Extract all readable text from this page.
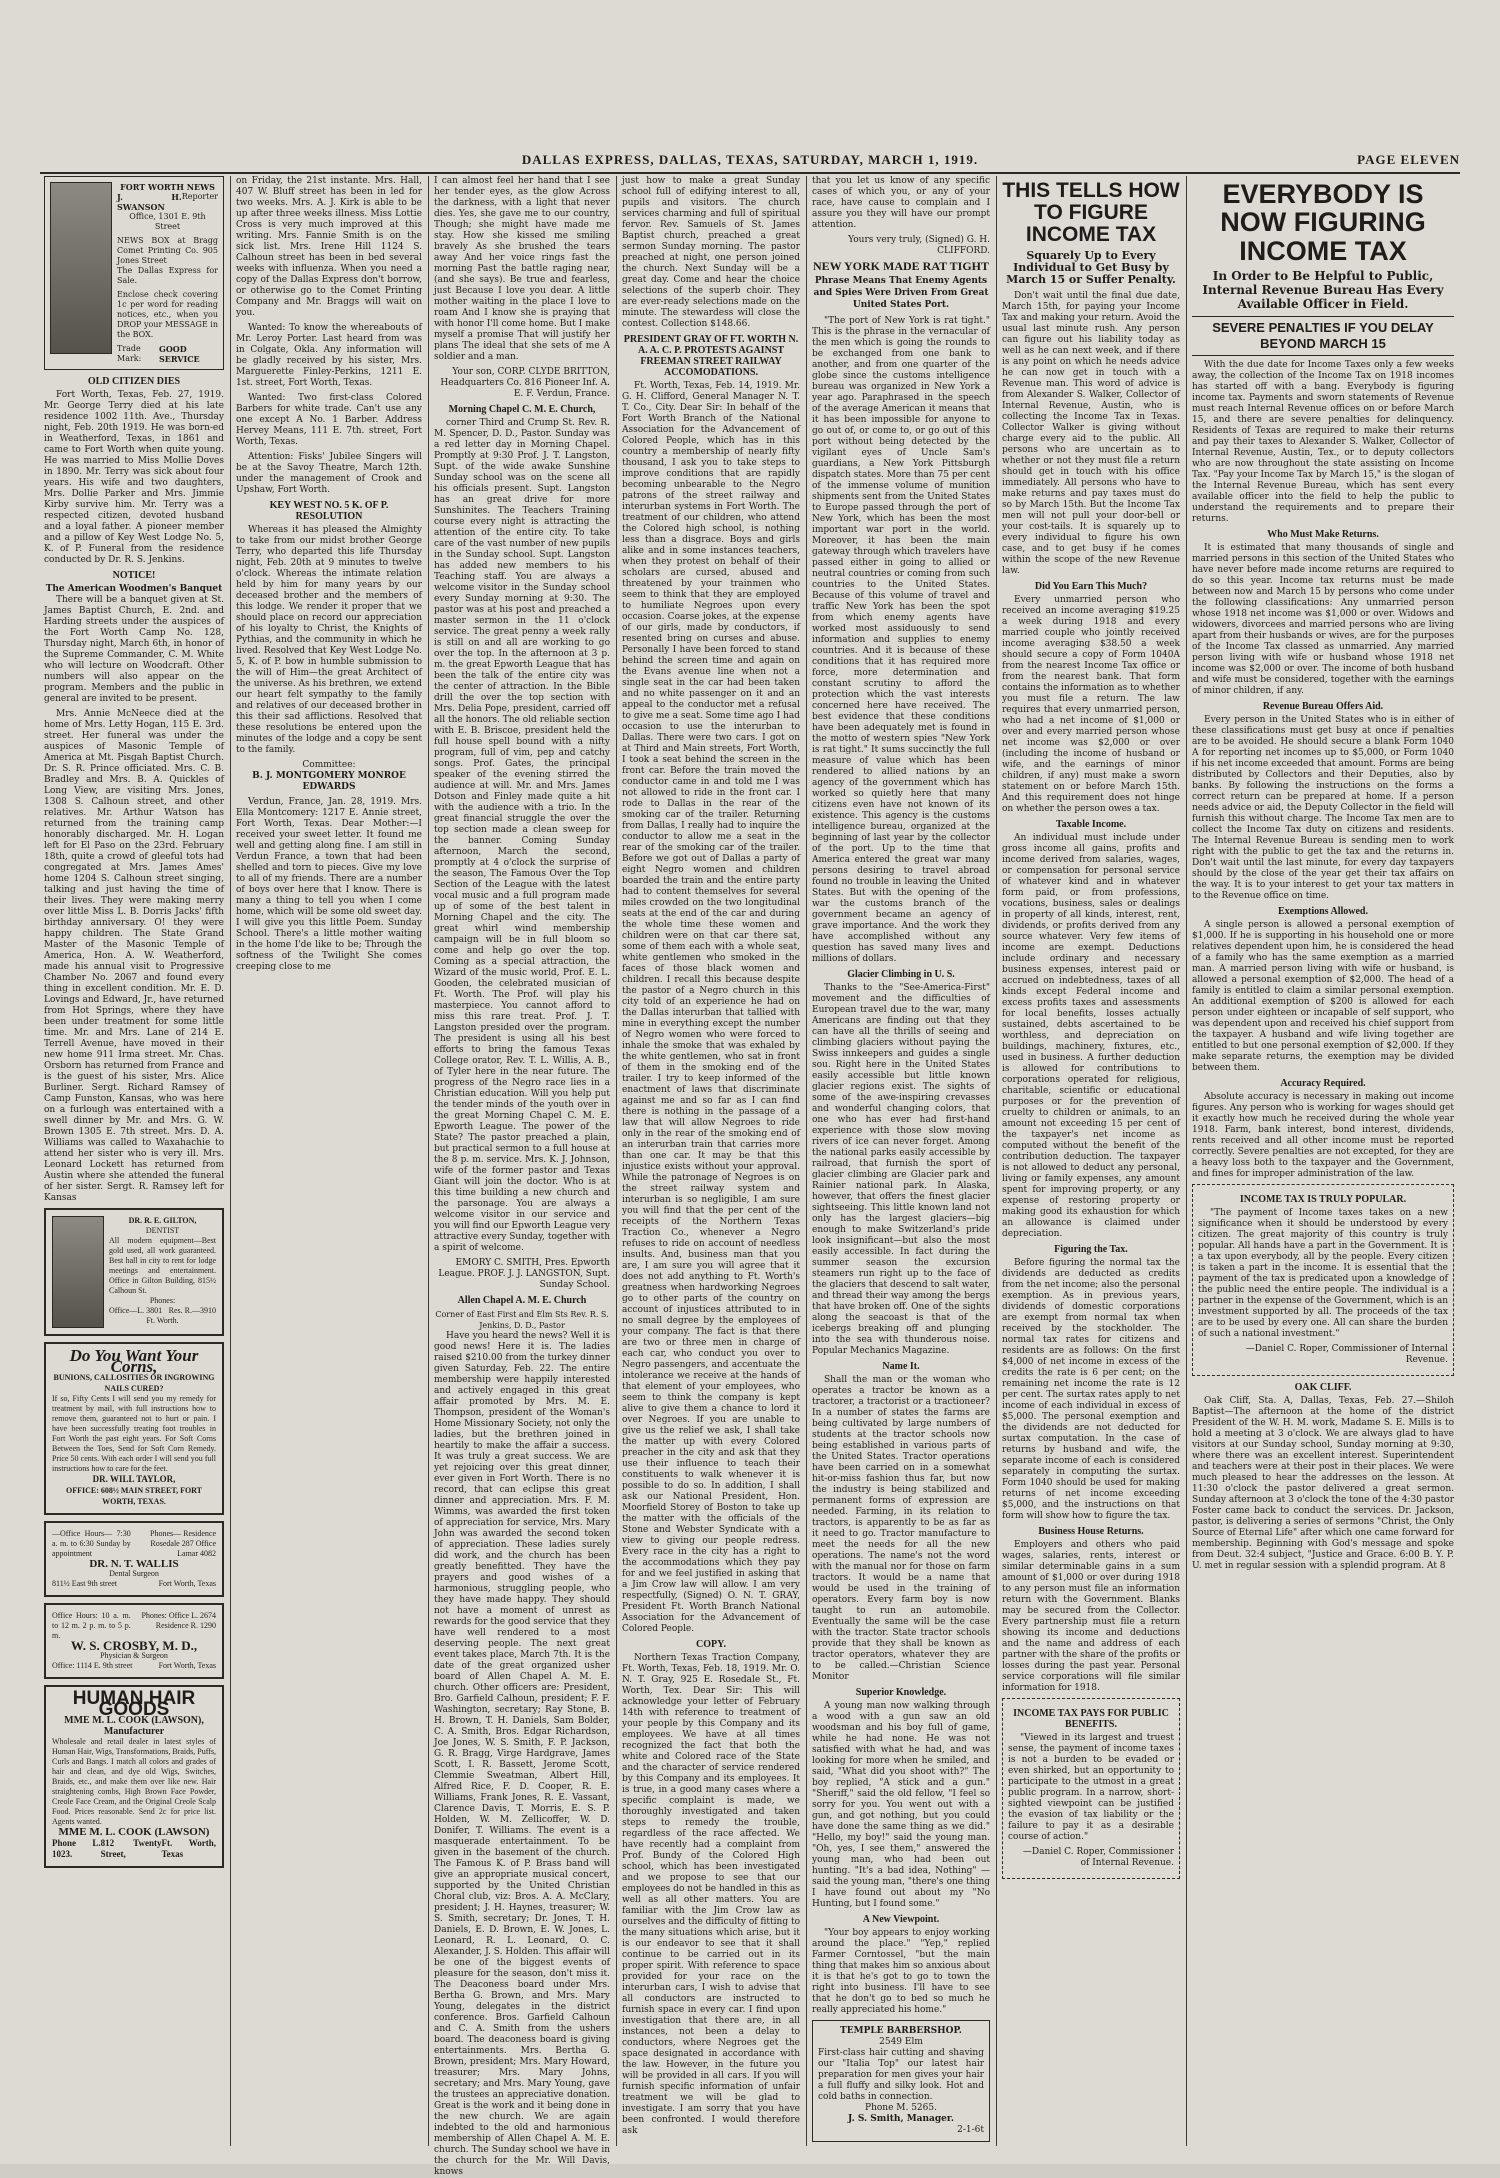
DALLAS EXPRESS, DALLAS, TEXAS, SATURDAY, MARCH 1, 1919.	PAGE ELEVEN
FORT WORTH NEWS
J. H. SWANSON
Reporter
Office, 1301 E. 9th Street
NEWS BOX at Bragg Comet Printing Co. 905 Jones Street
The Dallas Express for Sale.
Enclose check covering 1c per word for reading notices, etc., when you DROP your MESSAGE in the BOX.
Trade Mark:
GOOD SERVICE
OLD CITIZEN DIES

Fort Worth, Texas, Feb. 27, 1919. Mr. George Terry died at his late residence 1002 11th. Ave., Thursday night, Feb. 20th 1919. He was born-ed in Weatherford, Texas, in 1861 and came to Fort Worth when quite young. He was married to Miss Mollie Doves in 1890. Mr. Terry was sick about four years. His wife and two daughters, Mrs. Dollie Parker and Mrs. Jimmie Kirby survive him. Mr. Terry was a respected citizen, devoted husband and a loyal father. A pioneer member and a pillow of Key West Lodge No. 5, K. of P. Funeral from the residence conducted by Dr. R. S. Jenkins.

NOTICE!
The American Woodmen's Banquet

There will be a banquet given at St. James Baptist Church, E. 2nd. and Harding streets under the auspices of the Fort Worth Camp No. 128, Thursday night, March 6th, in honor of the Supreme Commander, C. M. White who will lecture on Woodcraft. Other numbers will also appear on the program. Members and the public in general are invited to be present.

Mrs. Annie McNeece died at the home of Mrs. Letty Hogan, 115 E. 3rd. street. Her funeral was under the auspices of Masonic Temple of America at Mt. Pisgah Baptist Church. Dr. S. R. Prince officiated. Mrs. C. B. Bradley and Mrs. B. A. Quickles of Long View, are visiting Mrs. Jones, 1308 S. Calhoun street, and other relatives. Mr. Arthur Watson has returned from the training camp honorably discharged. Mr. H. Logan left for El Paso on the 23rd. February 18th, quite a crowd of gleeful tots had congregated at Mrs. James Ames' home 1204 S. Calhoun street singing, talking and just having the time of their lives. They were making merry over little Miss L. B. Dorris Jacks' fifth birthday anniversary. O! they were happy children. The State Grand Master of the Masonic Temple of America, Hon. A. W. Weatherford, made his annual visit to Progressive Chamber No. 2067 and found every thing in excellent condition. Mr. E. D. Lovings and Edward, Jr., have returned from Hot Springs, where they have been under treatment for some little time. Mr. and Mrs. Lane of 214 E. Terrell Avenue, have moved in their new home 911 Irma street. Mr. Chas. Orsborn has returned from France and is the guest of his sister, Mrs. Alice Burliner. Sergt. Richard Ramsey of Camp Funston, Kansas, who was here on a furlough was entertained with a swell dinner by Mr. and Mrs. G. W. Brown 1305 E. 7th street. Mrs. D. A. Williams was called to Waxahachie to attend her sister who is very ill. Mrs. Leonard Lockett has returned from Austin where she attended the funeral of her sister. Sergt. R. Ramsey left for Kansas

DR. R. E. GILTON,
DENTIST
All modern equipment—Best gold used, all work guaranteed. Best hall in city to rent for lodge meetings and entertainment. Office in Gilton Building, 815½ Calhoun St.
Phones:
Office—L. 3801 Res. R.—3910
Ft. Worth.
Do You Want Your Corns,
BUNIONS, CALLOSITIES OR INGROWING NAILS CURED?
If so, Fifty Cents I will send you my remedy for treatment by mail, with full instructions how to remove them, guaranteed not to hurt or pain. I have been successfully treating foot troubles in Fort Worth the past eight years. For Soft Corns Between the Toes, Send for Soft Corn Remedy. Price 50 cents. With each order I will send you full instructions how to care for the feet.
DR. WILL TAYLOR,
OFFICE: 608½ MAIN STREET, FORT WORTH, TEXAS.
—Office Hours— 7:30 a. m. to 6:30 Sunday by appointment
Phones— Residence Rosedale 287 Office Lamar 4082
DR. N. T. WALLIS
Dental Surgeon
811½ East 9th street	Fort Worth, Texas
Office Hours: 10 a. m. to 12 m. 2 p. m. to 5 p. m.
Phones: Office L. 2674 Residence R. 1290
W. S. CROSBY, M. D.,
Physician & Surgeon
Office: 1114 E. 9th street	Fort Worth, Texas
HUMAN HAIR GOODS
MME M. L. COOK (LAWSON), Manufacturer
Wholesale and retail dealer in latest styles of Human Hair, Wigs, Transformations, Braids, Puffs, Curls and Bangs. I match all colors and grades of hair and clean, and dye old Wigs, Switches, Braids, etc., and make them over like new. Hair straightening combs, High Brown Face Powder, Creole Face Cream, and the Original Creole Scalp Food. Prices reasonable. Send 2c for price list. Agents wanted.
MME M. L. COOK (LAWSON)
Phone L. 1023.
812 Twenty Street,
Ft. Worth, Texas

on Friday, the 21st instante. Mrs. Hall, 407 W. Bluff street has been in led for two weeks. Mrs. A. J. Kirk is able to be up after three weeks illness. Miss Lottie Cross is very much improved at this writing. Mrs. Fannie Smith is on the sick list. Mrs. Irene Hill 1124 S. Calhoun street has been in bed several weeks with influenza. When you need a copy of the Dallas Express don't borrow, or otherwise go to the Comet Printing Company and Mr. Braggs will wait on you.

Wanted: To know the whereabouts of Mr. Leroy Porter. Last heard from was in Colgate, Okla. Any information will be gladly received by his sister, Mrs. Marguerette Finley-Perkins, 1211 E. 1st. street, Fort Worth, Texas.

Wanted: Two first-class Colored Barbers for white trade. Can't use any one except A No. 1 Barber. Address Hervey Means, 111 E. 7th. street, Fort Worth, Texas.

Attention: Fisks' Jubilee Singers will be at the Savoy Theatre, March 12th. under the management of Crook and Upshaw, Fort Worth.

KEY WEST NO. 5 K. OF P. RESOLUTION

Whereas it has pleased the Almighty to take from our midst brother George Terry, who departed this life Thursday night, Feb. 20th at 9 minutes to twelve o'clock. Whereas the intimate relation held by him for many years by our deceased brother and the members of this lodge. We render it proper that we should place on record our appreciation of his loyalty to Christ, the Knights of Pythias, and the community in which he lived. Resolved that Key West Lodge No. 5, K. of P. bow in humble submission to the will of Him—the great Architect of the universe. As his brethren, we extend our heart felt sympathy to the family and relatives of our deceased brother in this their sad afflictions. Resolved that these resolutions be entered upon the minutes of the lodge and a copy be sent to the family.

Committee:
B. J. MONTGOMERY MONROE EDWARDS

Verdun, France, Jan. 28, 1919. Mrs. Ella Montcomery: 1217 E. Annie street, Fort Worth, Texas. Dear Mother:—I received your sweet letter. It found me well and getting along fine. I am still in Verdun France, a town that had been shelled and torn to pieces. Give my love to all of my friends. There are a number of boys over here that I know. There is many a thing to tell you when I come home, which will be some old sweet day. I will give you this little Poem. Sunday School. There's a little mother waiting in the home I'de like to be; Through the softness of the Twilight She comes creeping close to me

I can almost feel her hand that I see her tender eyes, as the glow Across the darkness, with a light that never dies. Yes, she gave me to our country, Though; she might have made me stay. How she kissed me smiling bravely As she brushed the tears away And her voice rings fast the morning Past the battle raging near, (and she says). Be true and fearless, just Because I love you dear. A little mother waiting in the place I love to roam And I know she is praying that with honor I'll come home. But I make myself a promise That will justify her plans The ideal that she sets of me A soldier and a man.

Your son, CORP. CLYDE BRITTON, Headquarters Co. 816 Pioneer Inf. A. E. F. Verdun, France.

Morning Chapel C. M. E. Church,

corner Third and Crump St. Rev. R. M. Spencer, D. D., Pastor. Sunday was a red letter day in Morning Chapel. Promptly at 9:30 Prof. J. T. Langston, Supt. of the wide awake Sunshine Sunday school was on the scene all his officials present. Supt. Langston has an great drive for more Sunshinites. The Teachers Training course every night is attracting the attention of the entire city. To take care of the vast number of new pupils in the Sunday school. Supt. Langston has added new members to his Teaching staff. You are always a welcome visitor in the Sunday school every Sunday morning at 9:30. The pastor was at his post and preached a master sermon in the 11 o'clock service. The great penny a week rally is still on and all are working to go over the top. In the afternoon at 3 p. m. the great Epworth League that has been the talk of the entire city was the center of attraction. In the Bible drill the over the top section with Mrs. Delia Pope, president, carried off all the honors. The old reliable section with E. B. Briscoe, president held the full house spell bound with a nifty program, full of vim, pep and catchy songs. Prof. Gates, the principal speaker of the evening stirred the audience at will. Mr. and Mrs. James Dotson and Finley made quite a hit with the audience with a trio. In the great financial struggle the over the top section made a clean sweep for the banner. Coming Sunday afternoon, March the second, promptly at 4 o'clock the surprise of the season, The Famous Over the Top Section of the League with the latest vocal music and a full program made up of some of the best talent in Morning Chapel and the city. The great whirl wind membership campaign will be in full bloom so come and help go over the top. Coming as a special attraction, the Wizard of the music world, Prof. E. L. Gooden, the celebrated musician of Ft. Worth. The Prof. will play his masterpiece. You cannot afford to miss this rare treat. Prof. J. T. Langston presided over the program. The president is using all his best efforts to bring the famous Texas College orator, Rev. T. L. Willis, A. B., of Tyler here in the near future. The progress of the Negro race lies in a Christian education. Will you help put the tender minds of the youth over in the great Morning Chapel C. M. E. Epworth League. The power of the State? The pastor preached a plain, but practical sermon to a full house at the 8 p. m. service. Mrs. K. J. Johnson, wife of the former pastor and Texas Giant will join the doctor. Who is at this time building a new church and the parsonage. You are always a welcome visitor in our service and you will find our Epworth League very attractive every Sunday, together with a spirit of welcome.

EMORY C. SMITH, Pres. Epworth League. PROF. J. J. LANGSTON, Supt. Sunday School.

Allen Chapel A. M. E. Church
Corner of East First and Elm Sts Rev. R. S. Jenkins, D. D., Pastor

Have you heard the news? Well it is good news! Here it is. The ladies raised $210.00 from the turkey dinner given Saturday, Feb. 22. The entire membership were happily interested and actively engaged in this great affair promoted by Mrs. M. E. Thompson, president of the Woman's Home Missionary Society, not only the ladies, but the brethren joined in heartily to make the affair a success. It was truly a great success. We are yet rejoicing over this great dinner, ever given in Fort Worth. There is no record, that can eclipse this great dinner and appreciation. Mrs. F. M. Wimms, was awarded the first token of appreciation for service, Mrs. Mary John was awarded the second token of appreciation. These ladies surely did work, and the church has been greatly benefitted. They have the prayers and good wishes of a harmonious, struggling people, who they have made happy. They should not have a moment of unrest as rewards for the good service that they have well rendered to a most deserving people. The next great event takes place, March 7th. It is the date of the great organized usher board of Allen Chapel A. M. E. church. Other officers are: President, Bro. Garfield Calhoun, president; F. F. Washington, secretary; Ray Stone, B. H. Brown, T. H. Daniels, Sam Bolder, C. A. Smith, Bros. Edgar Richardson, Joe Jones, W. S. Smith, F. P. Jackson, G. R. Bragg, Virge Hardgrave, James Scott, I. R. Bassett, Jerome Scott, Clemmie Sweatman, Albert Hill, Alfred Rice, F. D. Cooper, R. E. Williams, Frank Jones, R. E. Vassant, Clarence Davis, T. Morris, E. S. P. Holden, W. M. Zellicoffer, W. D. Donifer, T. Williams. The event is a masquerade entertainment. To be given in the basement of the church. The Famous K. of P. Brass band will give an appropriate musical concert, supported by the United Christian Choral club, viz: Bros. A. A. McClary, president; J. H. Haynes, treasurer; W. S. Smith, secretary; Dr. Jones, T. H. Daniels, E. D. Brown, E. W. Jones, L. Leonard, R. L. Leonard, O. C. Alexander, J. S. Holden. This affair will be one of the biggest events of pleasure for the season, don't miss it. The Deaconess board under Mrs. Bertha G. Brown, and Mrs. Mary Young, delegates in the district conference. Bros. Garfield Calhoun and C. A. Smith from the ushers board. The deaconess board is giving entertainments. Mrs. Bertha G. Brown, president; Mrs. Mary Howard, treasurer; Mrs. Mary Johns, secretary; and Mrs. Mary Young, gave the trustees an appreciative donation. Great is the work and it being done in the new church. We are again indebted to the old and harmonious membership of Allen Chapel A. M. E. church. The Sunday school we have in the church for the Mr. Will Davis, knows

just how to make a great Sunday school full of edifying interest to all, pupils and visitors. The church services charming and full of spiritual fervor. Rev. Samuels of St. James Baptist church, preached a great sermon Sunday morning. The pastor preached at night, one person joined the church. Next Sunday will be a great day. Come and hear the choice selections of the superb choir. They are ever-ready selections made on the minute. The stewardess will close the contest. Collection $148.66.

PRESIDENT GRAY OF FT. WORTH N. A. A. C. P. PROTESTS AGAINST FREEMAN STREET RAILWAY ACCOMODATIONS.

Ft. Worth, Texas, Feb. 14, 1919. Mr. G. H. Clifford, General Manager N. T. T. Co., City. Dear Sir: In behalf of the Fort Worth Branch of the National Association for the Advancement of Colored People, which has in this country a membership of nearly fifty thousand, I ask you to take steps to improve conditions that are rapidly becoming unbearable to the Negro patrons of the street railway and interurban systems in Fort Worth. The treatment of our children, who attend the Colored high school, is nothing less than a disgrace. Boys and girls alike and in some instances teachers, when they protest on behalf of their scholars are cursed, abused and threatened by your trainmen who seem to think that they are employed to humiliate Negroes upon every occasion. Coarse jokes, at the expense of our girls, made by conductors, if resented bring on curses and abuse. Personally I have been forced to stand behind the screen time and again on the Evans avenue line when not a single seat in the car had been taken and no white passenger on it and an appeal to the conductor met a refusal to give me a seat. Some time ago I had occasion to use the interurban to Dallas. There were two cars. I got on at Third and Main streets, Fort Worth, I took a seat behind the screen in the front car. Before the train moved the conductor came in and told me I was not allowed to ride in the front car. I rode to Dallas in the rear of the smoking car of the trailer. Returning from Dallas, I really had to inquire the conductor to allow me a seat in the rear of the smoking car of the trailer. Before we got out of Dallas a party of eight Negro women and children boarded the train and the entire party had to content themselves for several miles crowded on the two longitudinal seats at the end of the car and during the whole time these women and children were on that car there sat, some of them each with a whole seat, white gentlemen who smoked in the faces of those black women and children. I recall this because despite the pastor of a Negro church in this city told of an experience he had on the Dallas interurban that tallied with mine in everything except the number of Negro women who were forced to inhale the smoke that was exhaled by the white gentlemen, who sat in front of them in the smoking end of the trailer. I try to keep informed of the enactment of laws that discriminate against me and so far as I can find there is nothing in the passage of a law that will allow Negroes to ride only in the rear of the smoking end of an interurban train that carries more than one car. It may be that this injustice exists without your approval. While the patronage of Negroes is on the street railway system and interurban is so negligible, I am sure you will find that the per cent of the receipts of the Northern Texas Traction Co., whenever a Negro refuses to ride on account of needless insults. And, business man that you are, I am sure you will agree that it does not add anything to Ft. Worth's greatness when hardworking Negroes go to other parts of the country on account of injustices attributed to in no small degree by the employees of your company. The fact is that there are two or three men in charge of each car, who conduct you over to Negro passengers, and accentuate the intolerance we receive at the hands of that element of your employees, who seem to think the company is kept alive to give them a chance to lord it over Negroes. If you are unable to give us the relief we ask, I shall take the matter up with every Colored preacher in the city and ask that they use their influence to teach their constituents to walk whenever it is possible to do so. In addition, I shall ask our National President, Hon. Moorfield Storey of Boston to take up the matter with the officials of the Stone and Webster Syndicate with a view to giving our people redress. Every race in the city has a right to the accommodations which they pay for and we feel justified in asking that a Jim Crow law will allow. I am very respectfully, (Signed) O. N. T. GRAY, President Ft. Worth Branch National Association for the Advancement of Colored People.

COPY.

Northern Texas Traction Company, Ft. Worth, Texas, Feb. 18, 1919. Mr. O. N. T. Gray, 925 E. Rosedale St., Ft. Worth, Tex. Dear Sir: This will acknowledge your letter of February 14th with reference to treatment of your people by this Company and its employees. We have at all times recognized the fact that both the white and Colored race of the State and the character of service rendered by this Company and its employees. It is true, in a good many cases where a specific complaint is made, we thoroughly investigated and taken steps to remedy the trouble, regardless of the race affected. We have recently had a complaint from Prof. Bundy of the Colored High school, which has been investigated and we propose to see that our employees do not be handled in this as well as all other matters. You are familiar with the Jim Crow law as ourselves and the difficulty of fitting to the many situations which arise, but it is our endeavor to see that it shall continue to be carried out in its proper spirit. With reference to space provided for your race on the interurban cars, I wish to advise that all conductors are instructed to furnish space in every car. I find upon investigation that there are, in all instances, not been a delay to conductors, where Negroes get the space designated in accordance with the law. However, in the future you will be provided in all cars. If you will furnish specific information of unfair treatment we will be glad to investigate. I am sorry that you have been confronted. I would therefore ask

that you let us know of any specific cases of which you, or any of your race, have cause to complain and I assure you they will have our prompt attention.

Yours very truly, (Signed) G. H. CLIFFORD.

NEW YORK MADE RAT TIGHT
Phrase Means That Enemy Agents and Spies Were Driven From Great United States Port.

"The port of New York is rat tight." This is the phrase in the vernacular of the men which is going the rounds to be exchanged from one bank to another, and from one quarter of the globe since the customs intelligence bureau was organized in New York a year ago. Paraphrased in the speech of the average American it means that it has been impossible for anyone to go out of, or come to, or go out of this port without being detected by the vigilant eyes of Uncle Sam's guardians, a New York Pittsburgh dispatch states. More than 75 per cent of the immense volume of munition shipments sent from the United States to Europe passed through the port of New York, which has been the most important war port in the world. Moreover, it has been the main gateway through which travelers have passed either in going to allied or neutral countries or coming from such countries to the United States. Because of this volume of travel and traffic New York has been the spot from which enemy agents have worked most assiduously to send information and supplies to enemy countries. And it is because of these conditions that it has required more force, more determination and constant scrutiny to afford the protection which the vast interests concerned here have received. The best evidence that these conditions have been adequately met is found in the motto of western spies "New York is rat tight." It sums succinctly the full measure of value which has been rendered to allied nations by an agency of the government which has worked so quietly here that many citizens even have not known of its existence. This agency is the customs intelligence bureau, organized at the beginning of last year by the collector of the port. Up to the time that America entered the great war many persons desiring to travel abroad found no trouble in leaving the United States. But with the opening of the war the customs branch of the government became an agency of grave importance. And the work they have accomplished without any question has saved many lives and millions of dollars.

Glacier Climbing in U. S.

Thanks to the "See-America-First" movement and the difficulties of European travel due to the war, many Americans are finding out that they can have all the thrills of seeing and climbing glaciers without paying the Swiss innkeepers and guides a single sou. Right here in the United States easily accessible but little known glacier regions exist. The sights of some of the awe-inspiring crevasses and wonderful changing colors, that one who has ever had first-hand experience with those slow moving rivers of ice can never forget. Among the national parks easily accessible by railroad, that furnish the sport of glacier climbing are Glacier park and Rainier national park. In Alaska, however, that offers the finest glacier sightseeing. This little known land not only has the largest glaciers—big enough to make Switzerland's pride look insignificant—but also the most easily accessible. In fact during the summer season the excursion steamers run right up to the face of the glaciers that descend to salt water, and thread their way among the bergs that have broken off. One of the sights along the seacoast is that of the icebergs breaking off and plunging into the sea with thunderous noise. Popular Mechanics Magazine.

Name It.

Shall the man or the woman who operates a tractor be known as a tractorer, a tractorist or a tractioneer? In a number of states the farms are being cultivated by large numbers of students at the tractor schools now being established in various parts of the United States. Tractor operations have been carried on in a somewhat hit-or-miss fashion thus far, but now the industry is being stabilized and permanent forms of expression are needed. Farming, in its relation to tractors, is apparently to be as far as it need to go. Tractor manufacture to meet the needs for all the new operations. The name's not the word with the manual nor for those on farm tractors. It would be a name that would be used in the training of operators. Every farm boy is now taught to run an automobile. Eventually the same will be the case with the tractor. State tractor schools provide that they shall be known as tractor operators, whatever they are to be called.—Christian Science Monitor

Superior Knowledge.

A young man now walking through a wood with a gun saw an old woodsman and his boy full of game, while he had none. He was not satisfied with what he had, and was looking for more when he smiled, and said, "What did you shoot with?" The boy replied, "A stick and a gun." "Sheriff," said the old fellow, "I feel so sorry for you. You went out with a gun, and got nothing, but you could have done the same thing as we did." "Hello, my boy!" said the young man. "Oh, yes, I see them," answered the young man, who had been out hunting. "It's a bad idea, Nothing" —said the young man, "there's one thing I have found out about my "No Hunting, but I found some."

A New Viewpoint.

"Your boy appears to enjoy working around the place." "Yep," replied Farmer Corntossel, "but the main thing that makes him so anxious about it is that he's got to go to town the right into business. I'll have to see that he don't go to bed so much he really appreciated his home."

TEMPLE BARBERSHOP.
2549 Elm
First-class hair cutting and shaving our "Italia Top" our latest hair preparation for men gives your hair a full fluffy and silky look. Hot and cold baths in connection.
Phone M. 5265.
J. S. Smith, Manager.
2-1-6t
THIS TELLS HOW TO FIGURE INCOME TAX
Squarely Up to Every Individual to Get Busy by March 15 or Suffer Penalty.

Don't wait until the final due date, March 15th, for paying your Income Tax and making your return. Avoid the usual last minute rush. Any person can figure out his liability today as well as he can next week, and if there is any point on which he needs advice he can now get in touch with a Revenue man. This word of advice is from Alexander S. Walker, Collector of Internal Revenue, Austin, who is collecting the Income Tax in Texas. Collector Walker is giving without charge every aid to the public. All persons who are uncertain as to whether or not they must file a return should get in touch with his office immediately. All persons who have to make returns and pay taxes must do so by March 15th. But the Income Tax men will not pull your door-bell or your cost-tails. It is squarely up to every individual to figure his own case, and to get busy if he comes within the scope of the new Revenue law.

Did You Earn This Much?

Every unmarried person who received an income averaging $19.25 a week during 1918 and every married couple who jointly received income averaging $38.50 a week should secure a copy of Form 1040A from the nearest Income Tax office or from the nearest bank. That form contains the information as to whether you must file a return. The law requires that every unmarried person, who had a net income of $1,000 or over and every married person whose net income was $2,000 or over (including the income of husband or wife, and the earnings of minor children, if any) must make a sworn statement on or before March 15th. And this requirement does not hinge on whether the person owes a tax.

Taxable Income.

An individual must include under gross income all gains, profits and income derived from salaries, wages, or compensation for personal service of whatever kind and in whatever form paid, or from professions, vocations, business, sales or dealings in property of all kinds, interest, rent, dividends, or profits derived from any source whatever. Very few items of income are exempt. Deductions include ordinary and necessary business expenses, interest paid or accrued on indebtedness, taxes of all kinds except Federal income and excess profits taxes and assessments for local benefits, losses actually sustained, debts ascertained to be worthless, and depreciation on buildings, machinery, fixtures, etc., used in business. A further deduction is allowed for contributions to corporations operated for religious, charitable, scientific or educational purposes or for the prevention of cruelty to children or animals, to an amount not exceeding 15 per cent of the taxpayer's net income as computed without the benefit of the contribution deduction. The taxpayer is not allowed to deduct any personal, living or family expenses, any amount spent for improving property, or any expense of restoring property or making good its exhaustion for which an allowance is claimed under depreciation.

Figuring the Tax.

Before figuring the normal tax the dividends are deducted as credits from the net income; also the personal exemption. As in previous years, dividends of domestic corporations are exempt from normal tax when received by the stockholder. The normal tax rates for citizens and residents are as follows: On the first $4,000 of net income in excess of the credits the rate is 6 per cent; on the remaining net income the rate is 12 per cent. The surtax rates apply to net income of each individual in excess of $5,000. The personal exemption and the dividends are not deducted for surtax computation. In the case of returns by husband and wife, the separate income of each is considered separately in computing the surtax. Form 1040 should be used for making returns of net income exceeding $5,000, and the instructions on that form will show how to figure the tax.

Business House Returns.

Employers and others who paid wages, salaries, rents, interest or similar determinable gains in a sum amount of $1,000 or over during 1918 to any person must file an information return with the Government. Blanks may be secured from the Collector. Every partnership must file a return showing its income and deductions and the name and address of each partner with the share of the profits or losses during the past year. Personal service corporations will file similar information for 1918.

INCOME TAX PAYS FOR PUBLIC BENEFITS.

"Viewed in its largest and truest sense, the payment of income taxes is not a burden to be evaded or even shirked, but an opportunity to participate to the utmost in a great public program. In a narrow, short-sighted viewpoint can be justified the evasion of tax liability or the failure to pay it as a desirable course of action."

—Daniel C. Roper, Commissioner of Internal Revenue.

EVERYBODY IS NOW FIGURING INCOME TAX
In Order to Be Helpful to Public, Internal Revenue Bureau Has Every Available Officer in Field.
SEVERE PENALTIES IF YOU DELAY BEYOND MARCH 15

With the due date for Income Taxes only a few weeks away, the collection of the Income Tax on 1918 incomes has started off with a bang. Everybody is figuring income tax. Payments and sworn statements of Revenue must reach Internal Revenue offices on or before March 15, and there are severe penalties for delinquency. Residents of Texas are required to make their returns and pay their taxes to Alexander S. Walker, Collector of Internal Revenue, Austin, Tex., or to deputy collectors who are now throughout the state assisting on Income Tax. "Pay your Income Tax by March 15," is the slogan of the Internal Revenue Bureau, which has sent every available officer into the field to help the public to understand the requirements and to prepare their returns.

Who Must Make Returns.

It is estimated that many thousands of single and married persons in this section of the United States who have never before made income returns are required to do so this year. Income tax returns must be made between now and March 15 by persons who come under the following classifications: Any unmarried person whose 1918 net income was $1,000 or over. Widows and widowers, divorcees and married persons who are living apart from their husbands or wives, are for the purposes of the Income Tax classed as unmarried. Any married person living with wife or husband whose 1918 net income was $2,000 or over. The income of both husband and wife must be considered, together with the earnings of minor children, if any.

Revenue Bureau Offers Aid.

Every person in the United States who is in either of these classifications must get busy at once if penalties are to be avoided. He should secure a blank Form 1040 A for reporting net incomes up to $5,000, or Form 1040 if his net income exceeded that amount. Forms are being distributed by Collectors and their Deputies, also by banks. By following the instructions on the forms a correct return can be prepared at home. If a person needs advice or aid, the Deputy Collector in the field will furnish this without charge. The Income Tax men are to collect the Income Tax duty on citizens and residents. The Internal Revenue Bureau is sending men to work right with the public to get the tax and the returns in. Don't wait until the last minute, for every day taxpayers should by the close of the year get their tax affairs on the way. It is to your interest to get your tax matters in to the Revenue office on time.

Exemptions Allowed.

A single person is allowed a personal exemption of $1,000. If he is supporting in his household one or more relatives dependent upon him, he is considered the head of a family who has the same exemption as a married man. A married person living with wife or husband, is allowed a personal exemption of $2,000. The head of a family is entitled to claim a similar personal exemption. An additional exemption of $200 is allowed for each person under eighteen or incapable of self support, who was dependent upon and received his chief support from the taxpayer. A husband and wife living together are entitled to but one personal exemption of $2,000. If they make separate returns, the exemption may be divided between them.

Accuracy Required.

Absolute accuracy is necessary in making out income figures. Any person who is working for wages should get it exactly how much he received during the whole year 1918. Farm, bank interest, bond interest, dividends, rents received and all other income must be reported correctly. Severe penalties are not excepted, for they are a heavy loss both to the taxpayer and the Government, and fines for improper administration of the law.

INCOME TAX IS TRULY POPULAR.

"The payment of Income taxes takes on a new significance when it should be understood by every citizen. The great majority of this country is truly popular. All hands have a part in the Government. It is a tax upon everybody, all by the people. Every citizen is taken a part in the income. It is essential that the payment of the tax is predicated upon a knowledge of the public need the entire people. The individual is a partner in the expense of the Government, which is an investment supported by all. The proceeds of the tax are to be used by every one. All can share the burden of such a national investment."

—Daniel C. Roper, Commissioner of Internal Revenue.

OAK CLIFF.

Oak Cliff, Sta. A, Dallas, Texas, Feb. 27.—Shiloh Baptist—The afternoon at the home of the district President of the W. H. M. work, Madame S. E. Mills is to hold a meeting at 3 o'clock. We are always glad to have visitors at our Sunday school, Sunday morning at 9:30, where there was an excellent interest. Superintendent and teachers were at their post in their places. We were much pleased to hear the addresses on the lesson. At 11:30 o'clock the pastor delivered a great sermon. Sunday afternoon at 3 o'clock the tone of the 4:30 pastor Foster came back to conduct the services. Dr. Jackson, pastor, is delivering a series of sermons "Christ, the Only Source of Eternal Life" after which one came forward for membership. Beginning with God's message and spoke from Deut. 32:4 subject, "Justice and Grace. 6:00 B. Y. P. U. met in regular session with a splendid program. At 8
